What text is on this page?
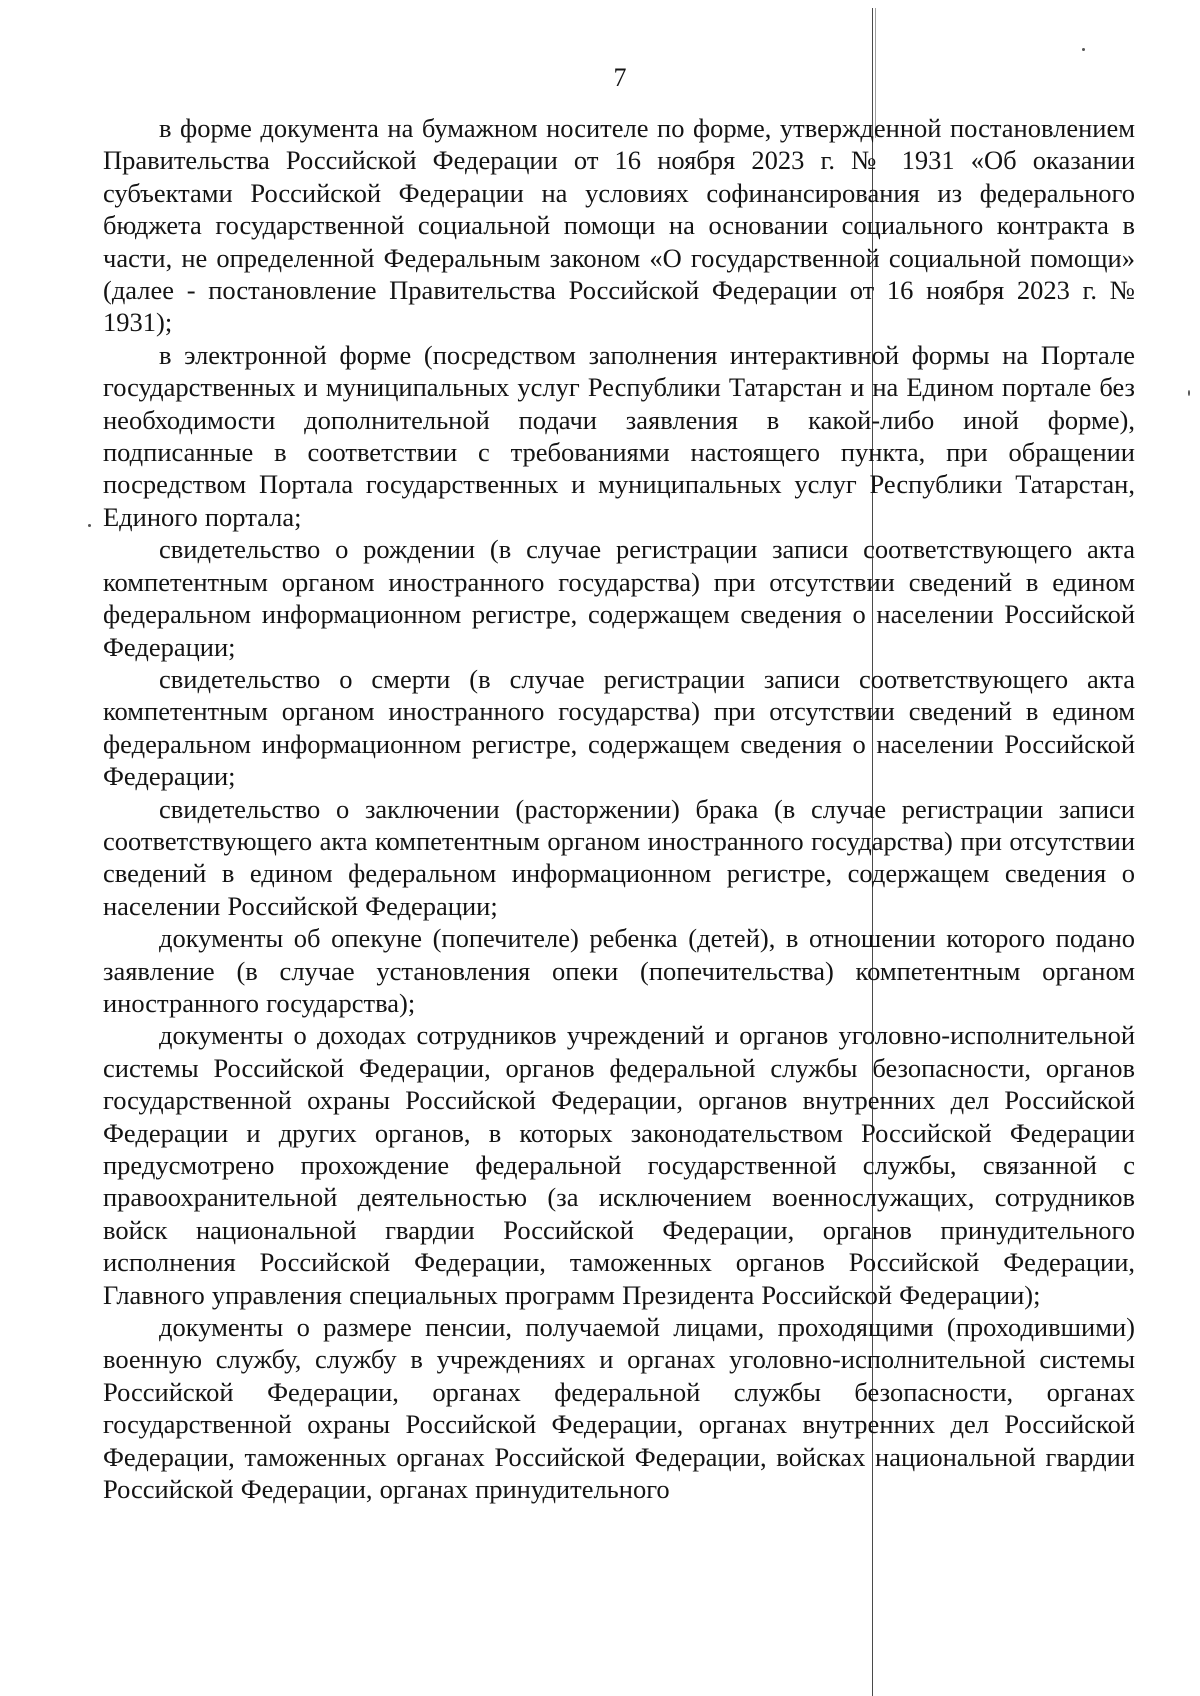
7

в форме документа на бумажном носителе по форме, утвержденной постановлением Правительства Российской Федерации от 16 ноября 2023 г. № 1931 «Об оказании субъектами Российской Федерации на условиях софинансирования из федерального бюджета государственной социальной помощи на основании социального контракта в части, не определенной Федеральным законом «О государственной социальной помощи» (далее - постановление Правительства Российской Федерации от 16 ноября 2023 г. № 1931);

в электронной форме (посредством заполнения интерактивной формы на Портале государственных и муниципальных услуг Республики Татарстан и на Едином портале без необходимости дополнительной подачи заявления в какой-либо иной форме), подписанные в соответствии с требованиями настоящего пункта, при обращении посредством Портала государственных и муниципальных услуг Республики Татарстан, Единого портала;

свидетельство о рождении (в случае регистрации записи соответствующего акта компетентным органом иностранного государства) при отсутствии сведений в едином федеральном информационном регистре, содержащем сведения о населении Российской Федерации;

свидетельство о смерти (в случае регистрации записи соответствующего акта компетентным органом иностранного государства) при отсутствии сведений в едином федеральном информационном регистре, содержащем сведения о населении Российской Федерации;

свидетельство о заключении (расторжении) брака (в случае регистрации записи соответствующего акта компетентным органом иностранного государства) при отсутствии сведений в едином федеральном информационном регистре, содержащем сведения о населении Российской Федерации;

документы об опекуне (попечителе) ребенка (детей), в отношении которого подано заявление (в случае установления опеки (попечительства) компетентным органом иностранного государства);

документы о доходах сотрудников учреждений и органов уголовно-исполнительной системы Российской Федерации, органов федеральной службы безопасности, органов государственной охраны Российской Федерации, органов внутренних дел Российской Федерации и других органов, в которых законодательством Российской Федерации предусмотрено прохождение федеральной государственной службы, связанной с правоохранительной деятельностью (за исключением военнослужащих, сотрудников войск национальной гвардии Российской Федерации, органов принудительного исполнения Российской Федерации, таможенных органов Российской Федерации, Главного управления специальных программ Президента Российской Федерации);

документы о размере пенсии, получаемой лицами, проходящими (проходившими) военную службу, службу в учреждениях и органах уголовно-исполнительной системы Российской Федерации, органах федеральной службы безопасности, органах государственной охраны Российской Федерации, органах внутренних дел Российской Федерации, таможенных органах Российской Федерации, войсках национальной гвардии Российской Федерации, органах принудительного
